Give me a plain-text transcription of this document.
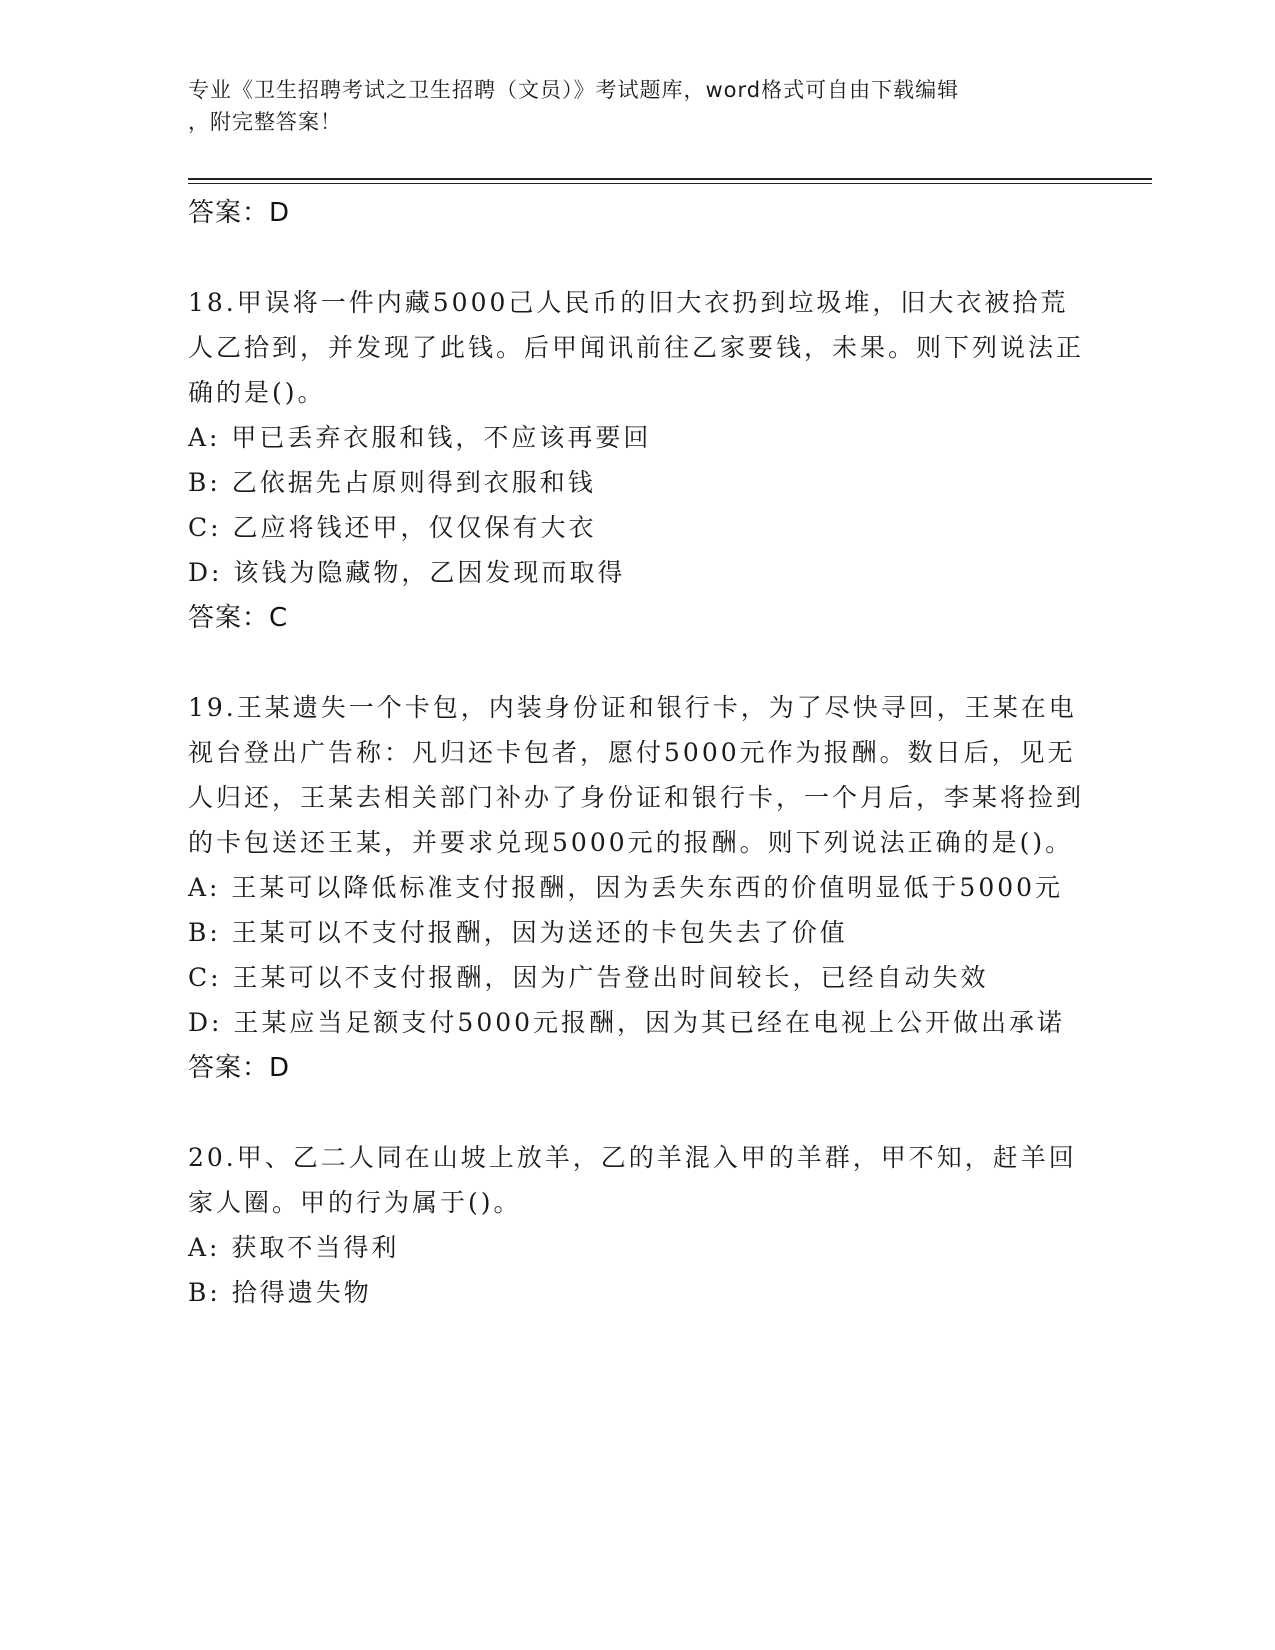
专业《卫生招聘考试之卫生招聘（文员）》考试题库，word格式可自由下载编辑
，附完整答案！
答案：D
18.甲误将一件内藏5000己人民币的旧大衣扔到垃圾堆，旧大衣被拾荒人乙拾到，并发现了此钱。后甲闻讯前往乙家要钱，未果。则下列说法正确的是()。
A: 甲已丢弃衣服和钱，不应该再要回
B: 乙依据先占原则得到衣服和钱
C: 乙应将钱还甲，仅仅保有大衣
D: 该钱为隐藏物，乙因发现而取得
答案：C
19.王某遗失一个卡包，内装身份证和银行卡，为了尽快寻回，王某在电视台登出广告称：凡归还卡包者，愿付5000元作为报酬。数日后，见无人归还，王某去相关部门补办了身份证和银行卡，一个月后，李某将捡到的卡包送还王某，并要求兑现5000元的报酬。则下列说法正确的是()。
A: 王某可以降低标准支付报酬，因为丢失东西的价值明显低于5000元
B: 王某可以不支付报酬，因为送还的卡包失去了价值
C: 王某可以不支付报酬，因为广告登出时间较长，已经自动失效
D: 王某应当足额支付5000元报酬，因为其已经在电视上公开做出承诺
答案：D
20.甲、乙二人同在山坡上放羊，乙的羊混入甲的羊群，甲不知，赶羊回家人圈。甲的行为属于()。
A: 获取不当得利
B: 拾得遗失物
